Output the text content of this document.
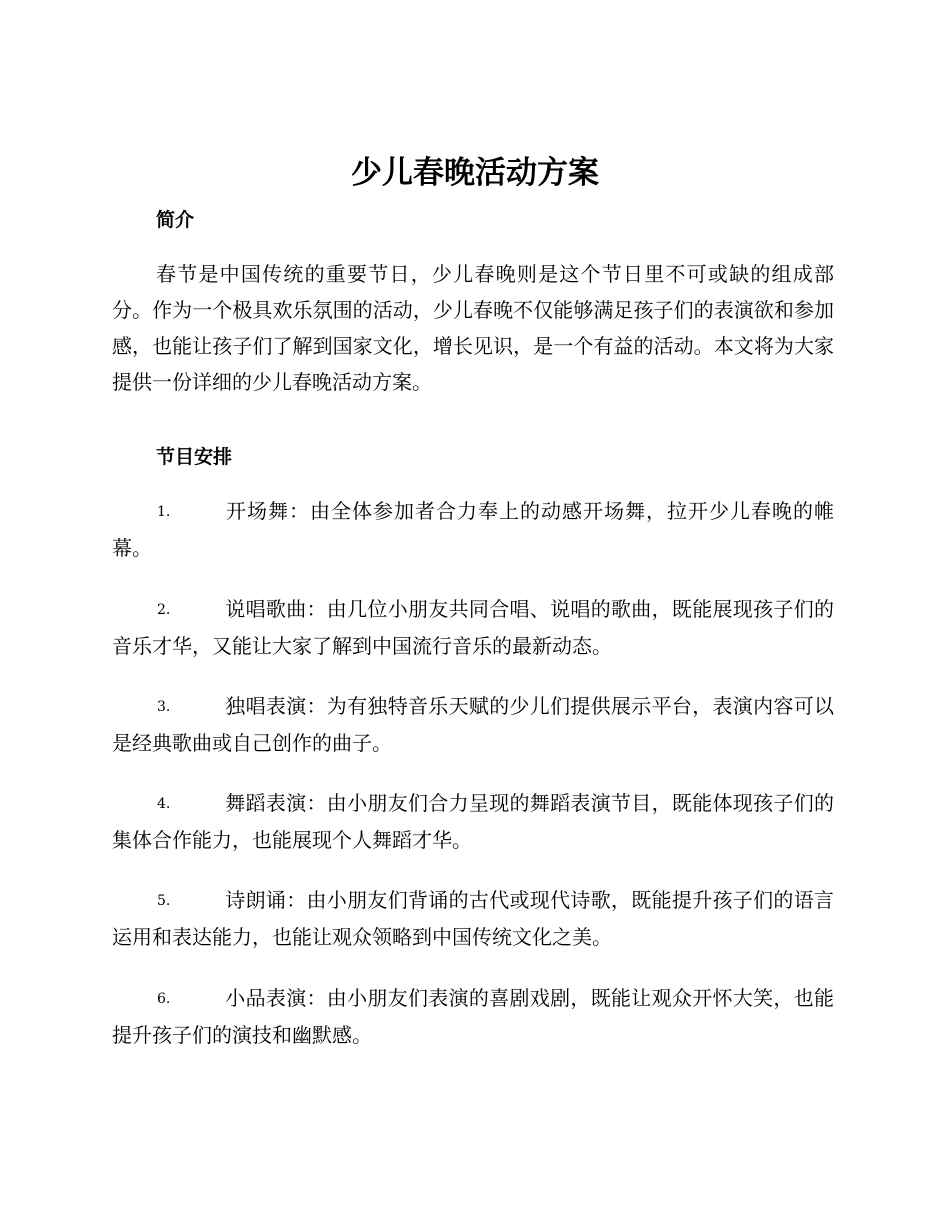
少儿春晚活动方案
简介

春节是中国传统的重要节日，少儿春晚则是这个节日里不可或缺的组成部分。作为一个极具欢乐氛围的活动，少儿春晚不仅能够满足孩子们的表演欲和参加感，也能让孩子们了解到国家文化，增长见识，是一个有益的活动。本文将为大家提供一份详细的少儿春晚活动方案。

节目安排

1.	开场舞：由全体参加者合力奉上的动感开场舞，拉开少儿春晚的帷幕。

2.	说唱歌曲：由几位小朋友共同合唱、说唱的歌曲，既能展现孩子们的音乐才华，又能让大家了解到中国流行音乐的最新动态。

3.	独唱表演：为有独特音乐天赋的少儿们提供展示平台，表演内容可以是经典歌曲或自己创作的曲子。

4.	舞蹈表演：由小朋友们合力呈现的舞蹈表演节目，既能体现孩子们的集体合作能力，也能展现个人舞蹈才华。

5.	诗朗诵：由小朋友们背诵的古代或现代诗歌，既能提升孩子们的语言运用和表达能力，也能让观众领略到中国传统文化之美。

6.	小品表演：由小朋友们表演的喜剧戏剧，既能让观众开怀大笑，也能提升孩子们的演技和幽默感。
